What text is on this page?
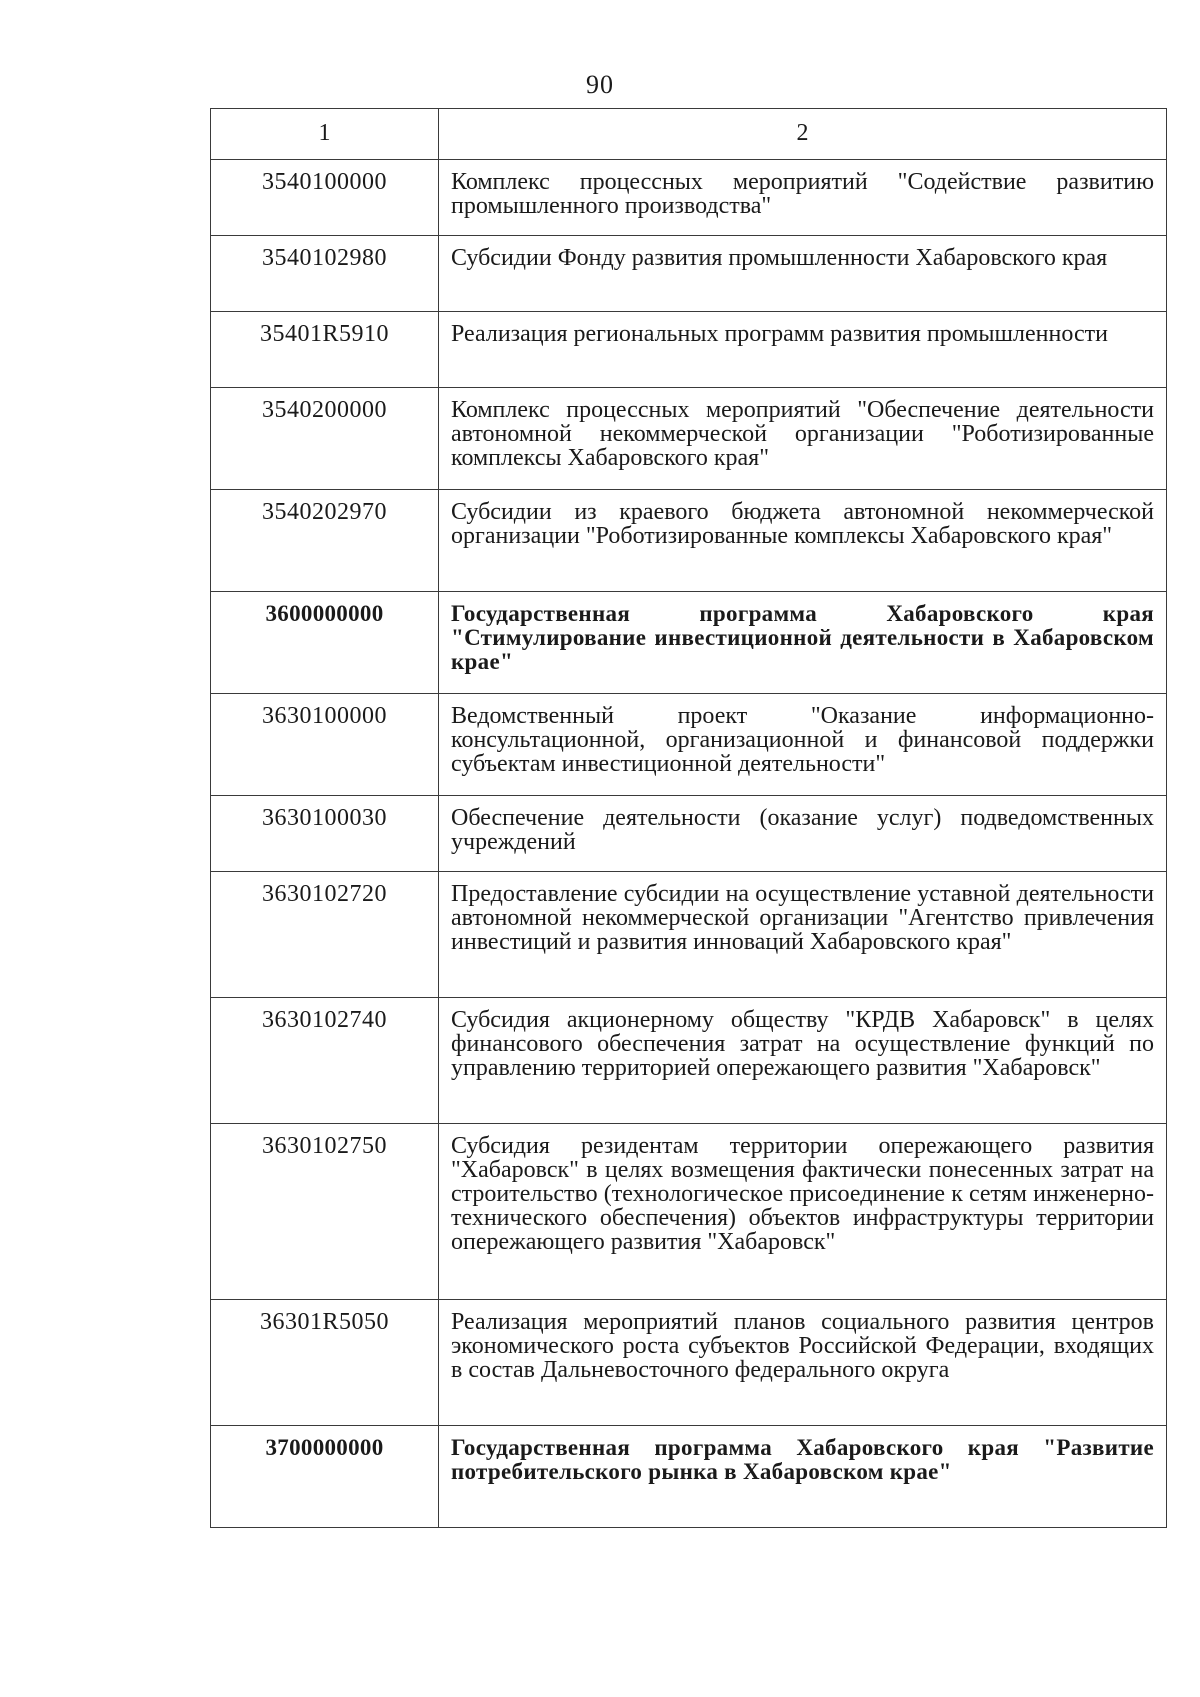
90
1	2
3540100000	Комплекс процессных мероприятий "Содействие развитию промышленного производства"
3540102980	Субсидии Фонду развития промышленности Хабаровского края
35401R5910	Реализация региональных программ развития промышленности
3540200000	Комплекс процессных мероприятий "Обеспечение деятельности автономной некоммерческой организации "Роботизированные комплексы Хабаровского края"
3540202970	Субсидии из краевого бюджета автономной некоммерческой организации "Роботизированные комплексы Хабаровского края"
3600000000	Государственная программа Хабаровского края "Стимулирование инвестиционной деятельности в Хабаровском крае"
3630100000	Ведомственный проект "Оказание информационно-консультационной, организационной и финансовой поддержки субъектам инвестиционной деятельности"
3630100030	Обеспечение деятельности (оказание услуг) подведомственных учреждений
3630102720	Предоставление субсидии на осуществление уставной деятельности автономной некоммерческой организации "Агентство привлечения инвестиций и развития инноваций Хабаровского края"
3630102740	Субсидия акционерному обществу "КРДВ Хабаровск" в целях финансового обеспечения затрат на осуществление функций по управлению территорией опережающего развития "Хабаровск"
3630102750	Субсидия резидентам территории опережающего развития "Хабаровск" в целях возмещения фактически понесенных затрат на строительство (технологическое присоединение к сетям инженерно-технического обеспечения) объектов инфраструктуры территории опережающего развития "Хабаровск"
36301R5050	Реализация мероприятий планов социального развития центров экономического роста субъектов Российской Федерации, входящих в состав Дальневосточного федерального округа
3700000000	Государственная программа Хабаровского края "Развитие потребительского рынка в Хабаровском крае"
